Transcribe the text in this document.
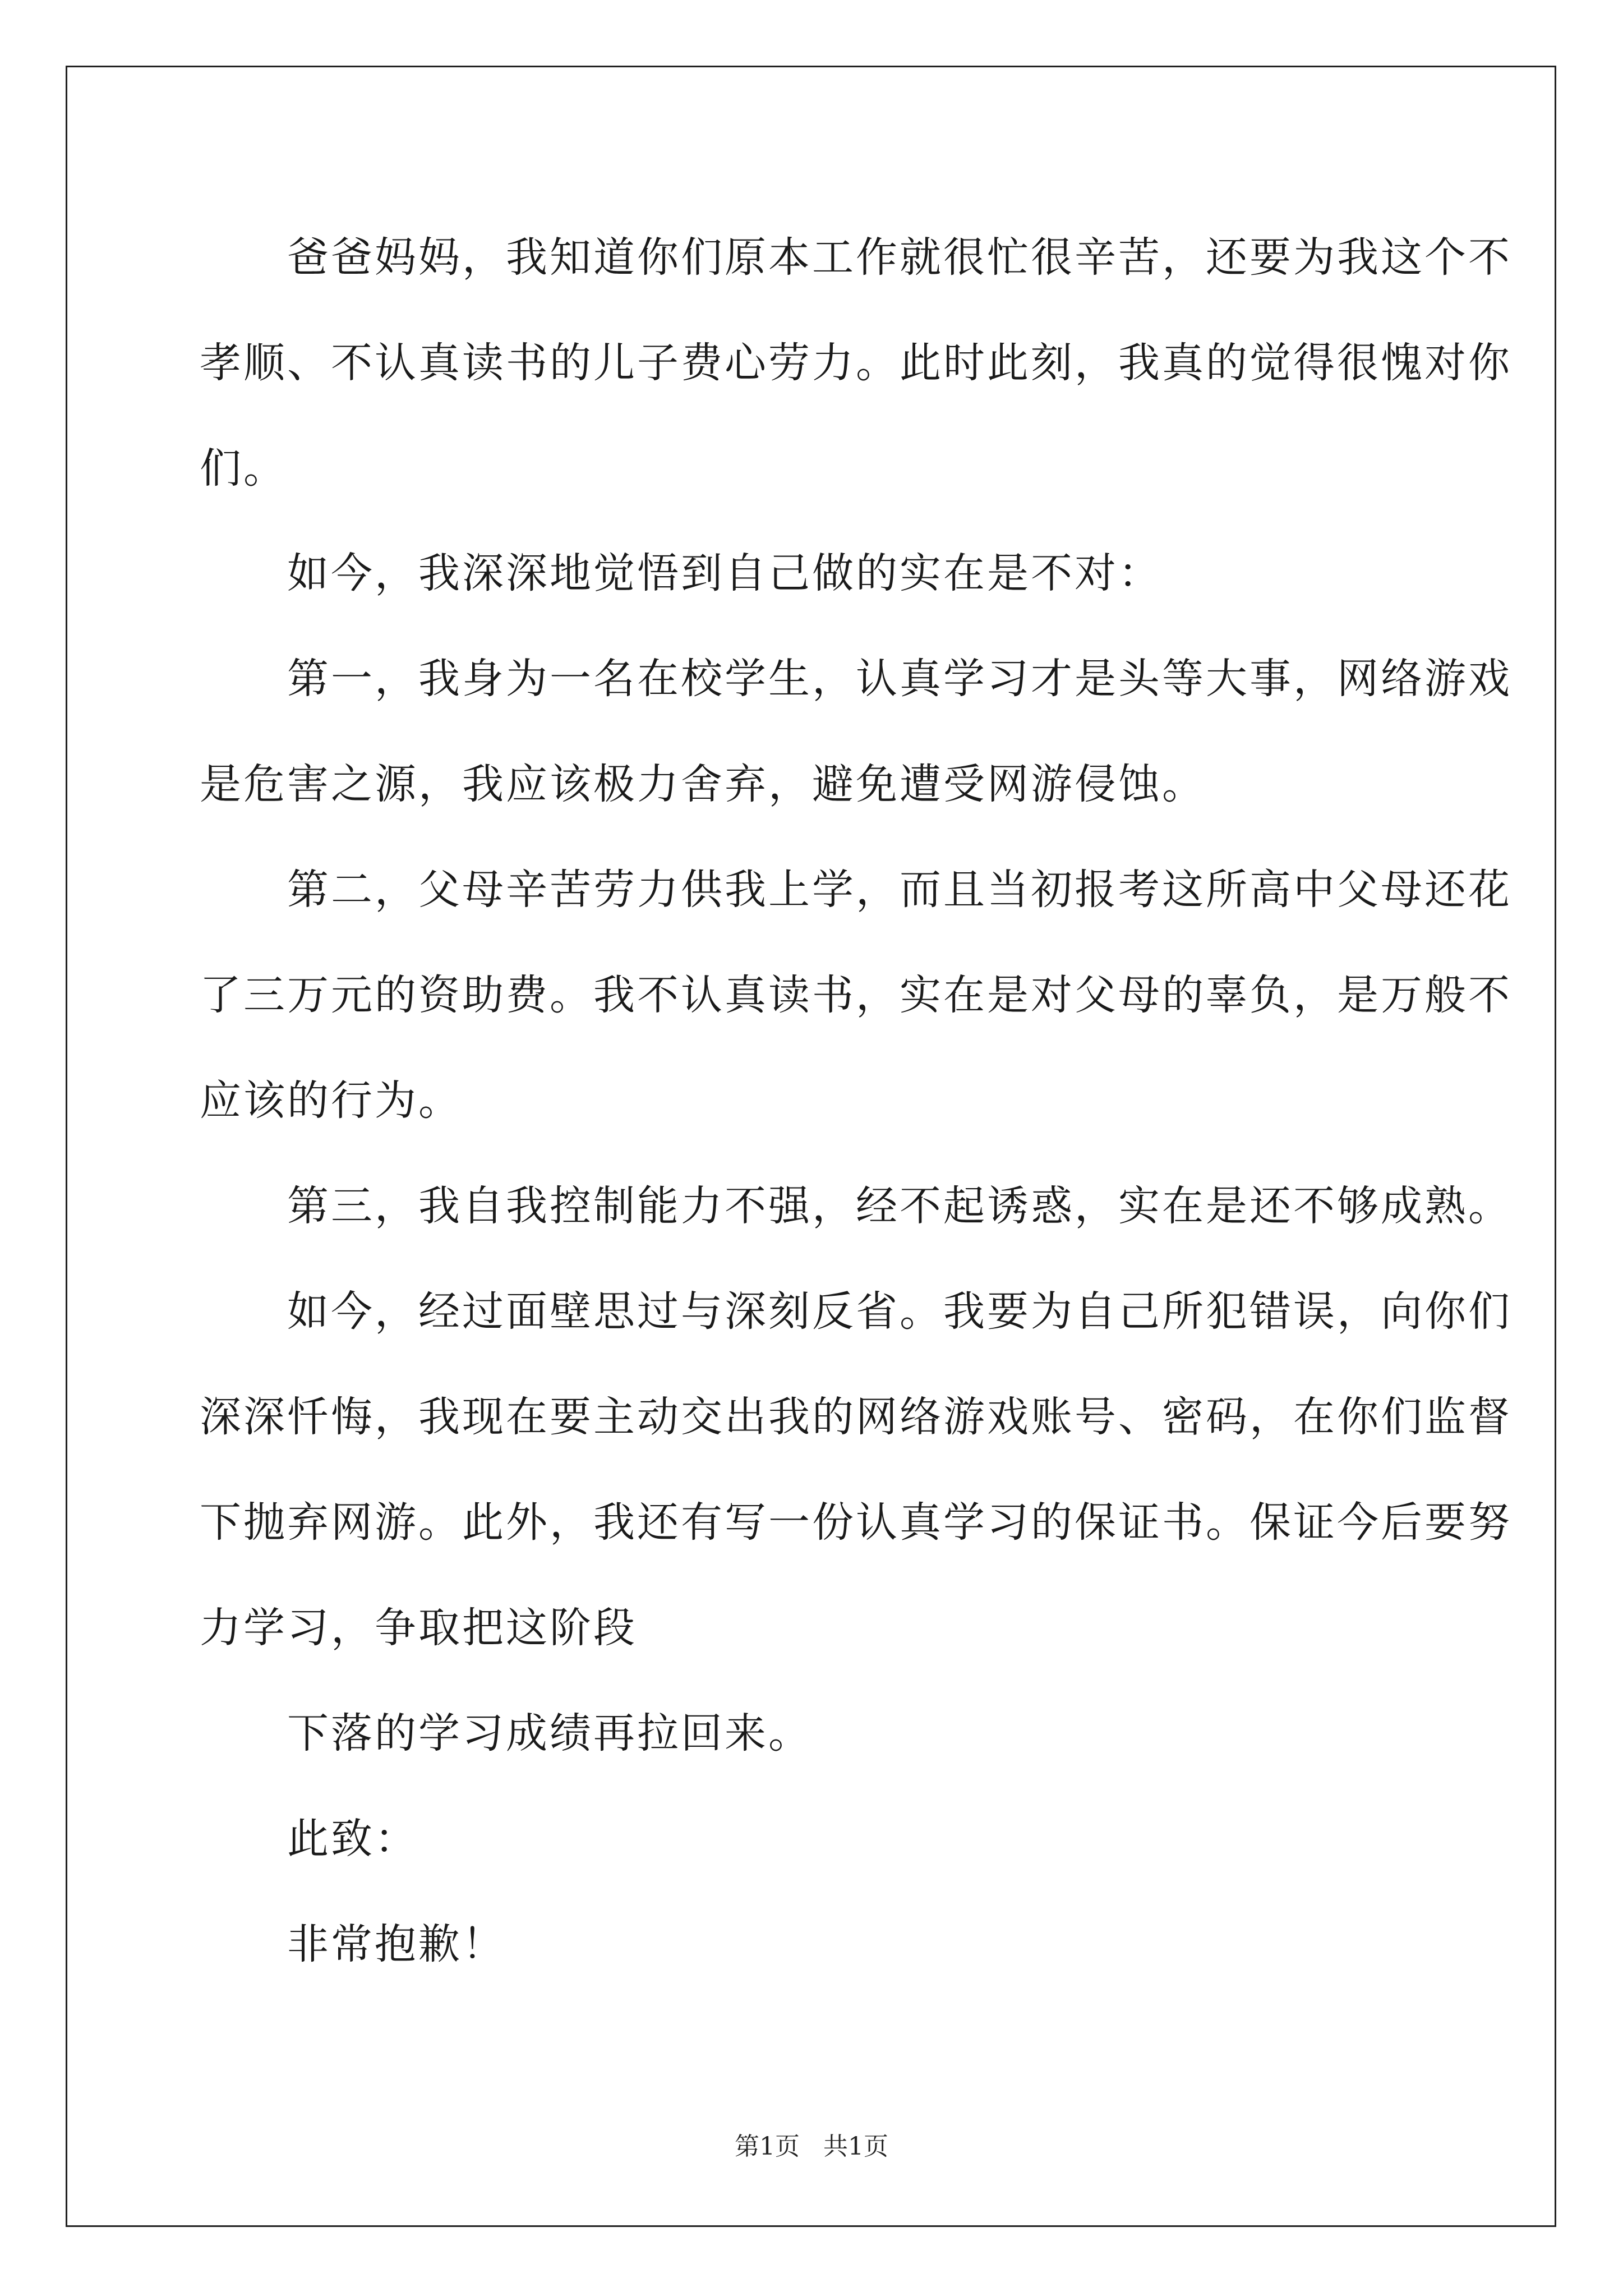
　　爸爸妈妈，我知道你们原本工作就很忙很辛苦，还要为我这个不
孝顺、不认真读书的儿子费心劳力。此时此刻，我真的觉得很愧对你
们。

　　如今，我深深地觉悟到自己做的实在是不对：

　　第一，我身为一名在校学生，认真学习才是头等大事，网络游戏
是危害之源，我应该极力舍弃，避免遭受网游侵蚀。

　　第二，父母辛苦劳力供我上学，而且当初报考这所高中父母还花
了三万元的资助费。我不认真读书，实在是对父母的辜负，是万般不
应该的行为。

　　第三，我自我控制能力不强，经不起诱惑，实在是还不够成熟。

　　如今，经过面壁思过与深刻反省。我要为自己所犯错误，向你们
深深忏悔，我现在要主动交出我的网络游戏账号、密码，在你们监督
下抛弃网游。此外，我还有写一份认真学习的保证书。保证今后要努
力学习，争取把这阶段

　　下落的学习成绩再拉回来。

　　此致：

　　非常抱歉！

第1页 共1页
